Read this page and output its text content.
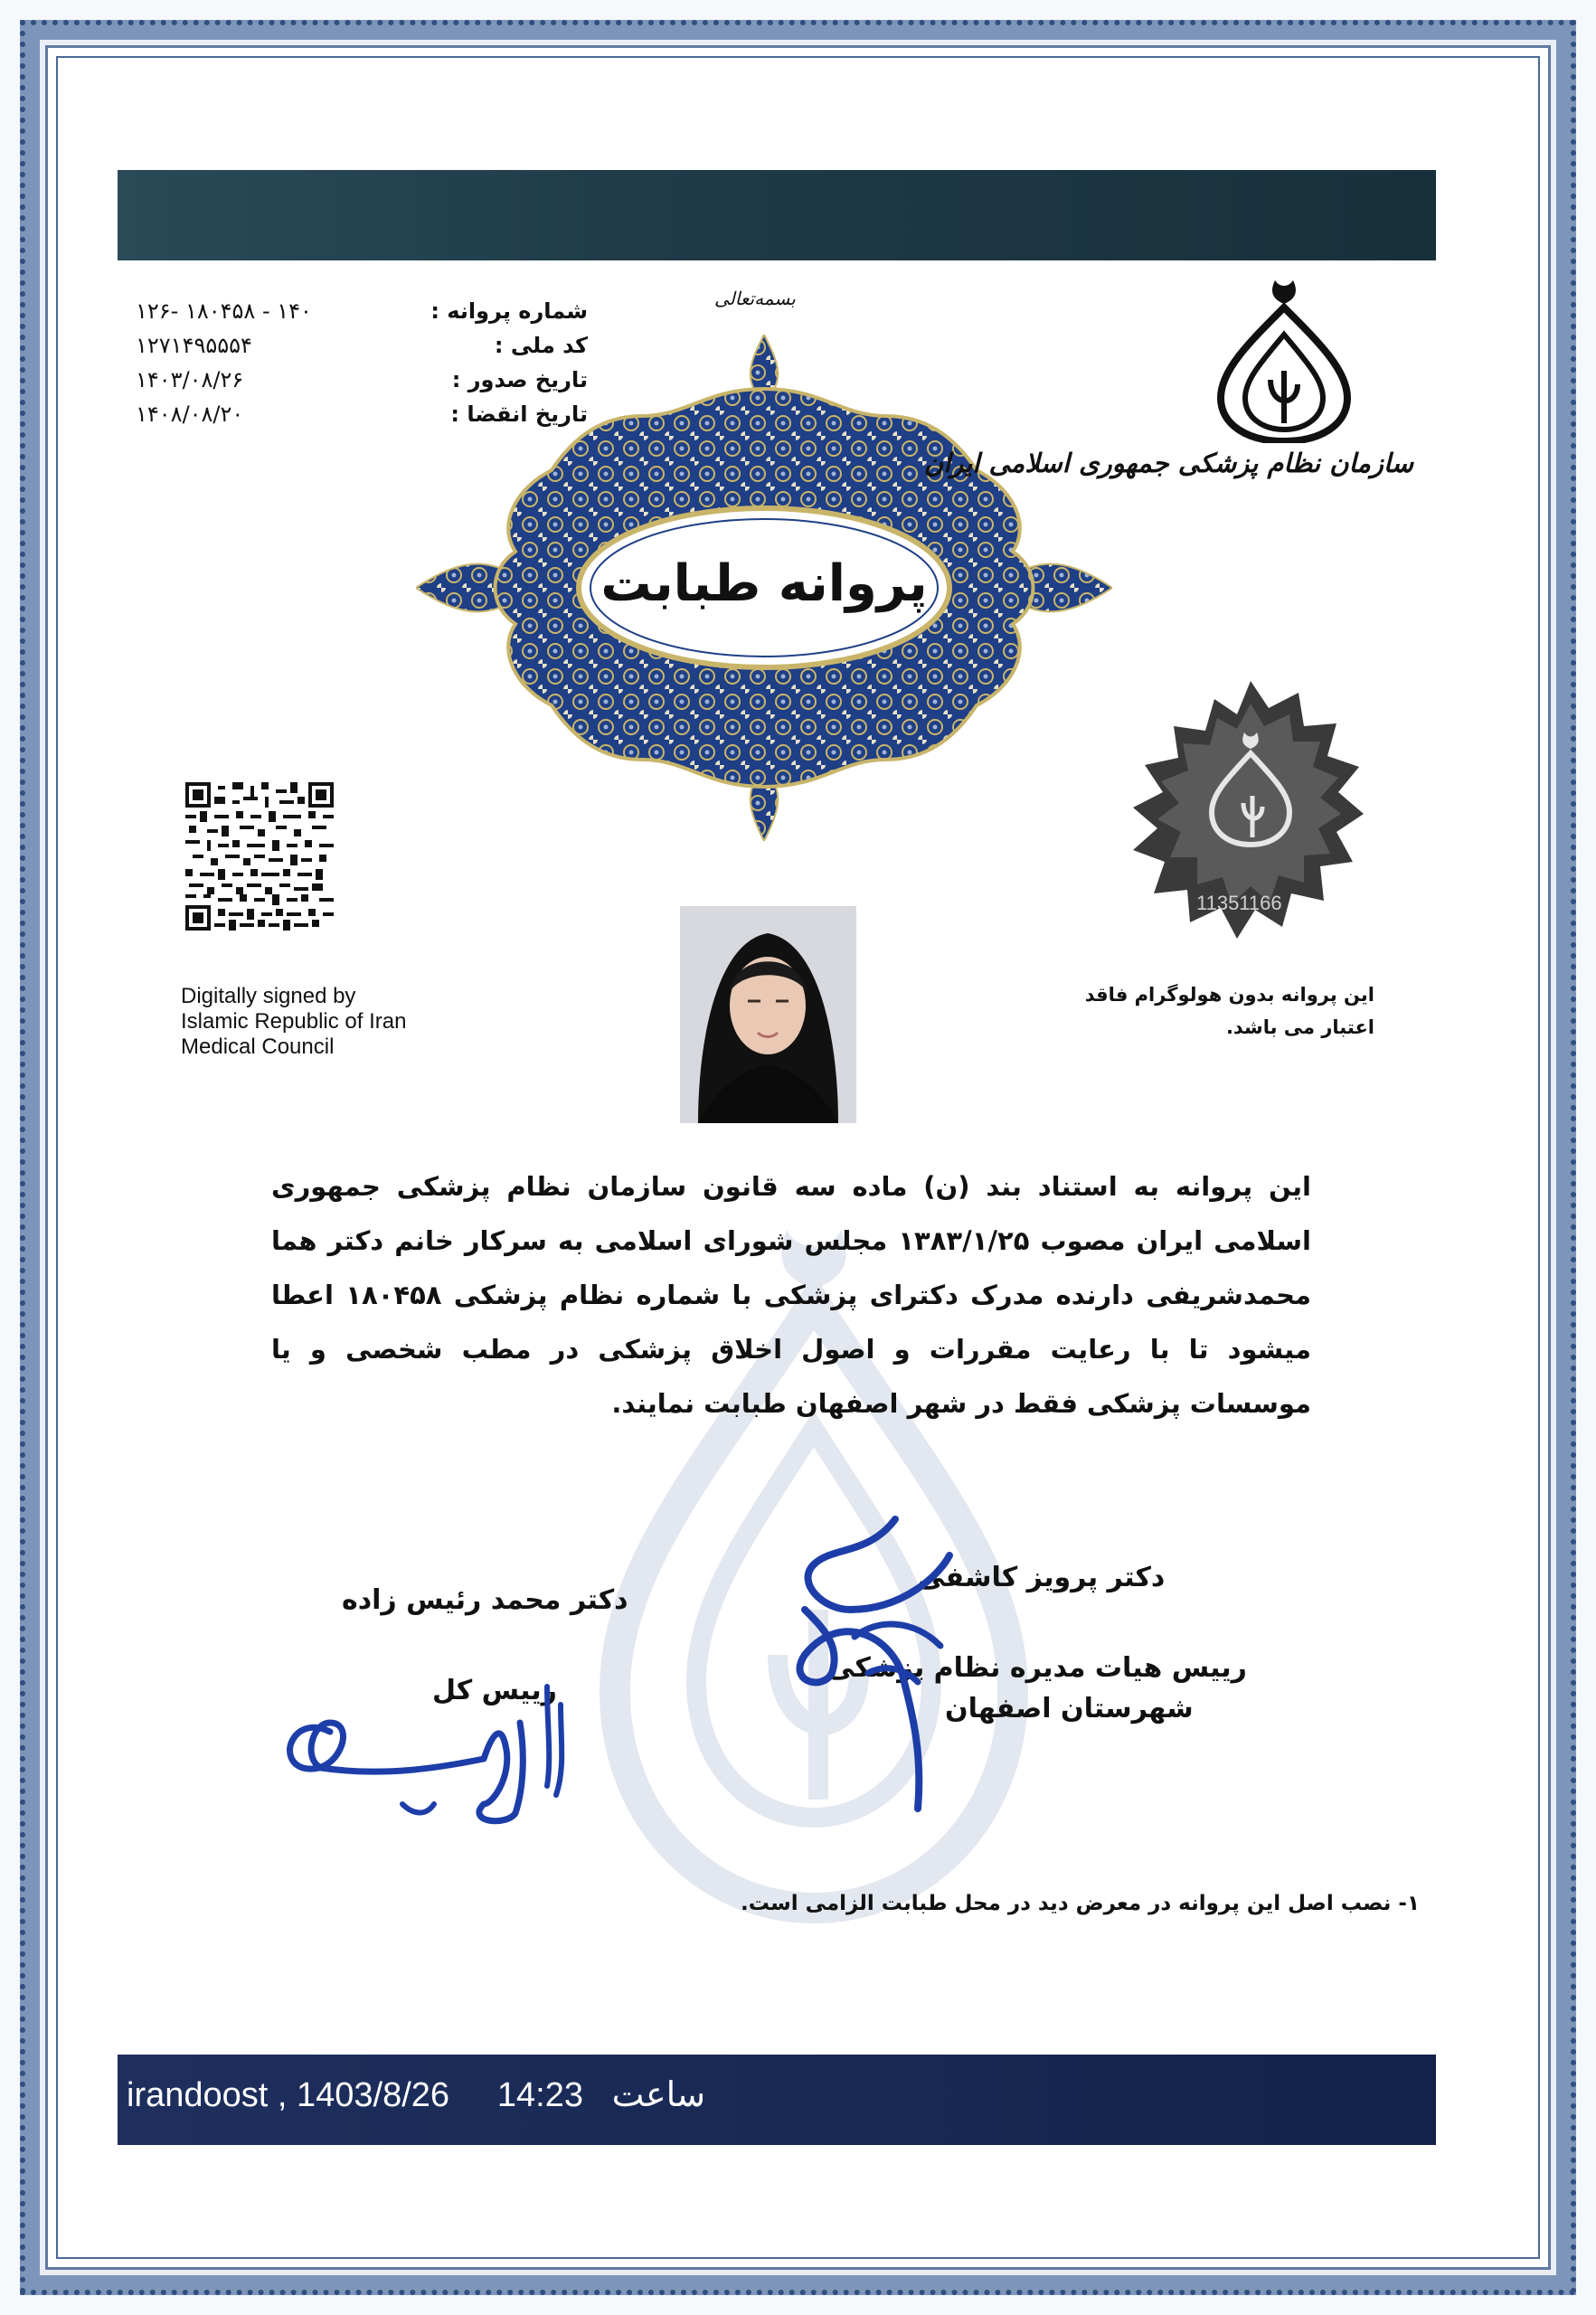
شماره پروانه :
۱۴۰ - ۱۸۰۴۵۸ -۱۲۶
کد ملی :
۱۲۷۱۴۹۵۵۵۴
تاریخ صدور :
۱۴۰۳/۰۸/۲۶
تاریخ انقضا :
۱۴۰۸/۰۸/۲۰
بسمه‌تعالی
پروانه طبابت
سازمان نظام پزشکی جمهوری اسلامی ایران
11351166
این پروانه بدون هولوگرام فاقد اعتبار می باشد.
Digitally signed by
Islamic Republic of Iran
Medical Council
این پروانه به استناد بند (ن) ماده سه قانون سازمان نظام پزشکی جمهوری اسلامی ایران مصوب ۱۳۸۳/۱/۲۵ مجلس شورای اسلامی به سرکار خانم دکتر هما محمدشریفی دارنده مدرک دکترای پزشکی با شماره نظام پزشکی ۱۸۰۴۵۸ اعطا میشود تا با رعایت مقررات و اصول اخلاق پزشکی در مطب شخصی و یا موسسات پزشکی فقط در شهر اصفهان طبابت نمایند.
دکتر محمد رئیس زاده
رییس کل
دکتر پرویز کاشفی
رییس هیات مدیره نظام پزشکی
شهرستان اصفهان
۱- نصب اصل این پروانه در معرض دید در محل طبابت الزامی است.
irandoost , 1403/8/26 14:23 ساعت
